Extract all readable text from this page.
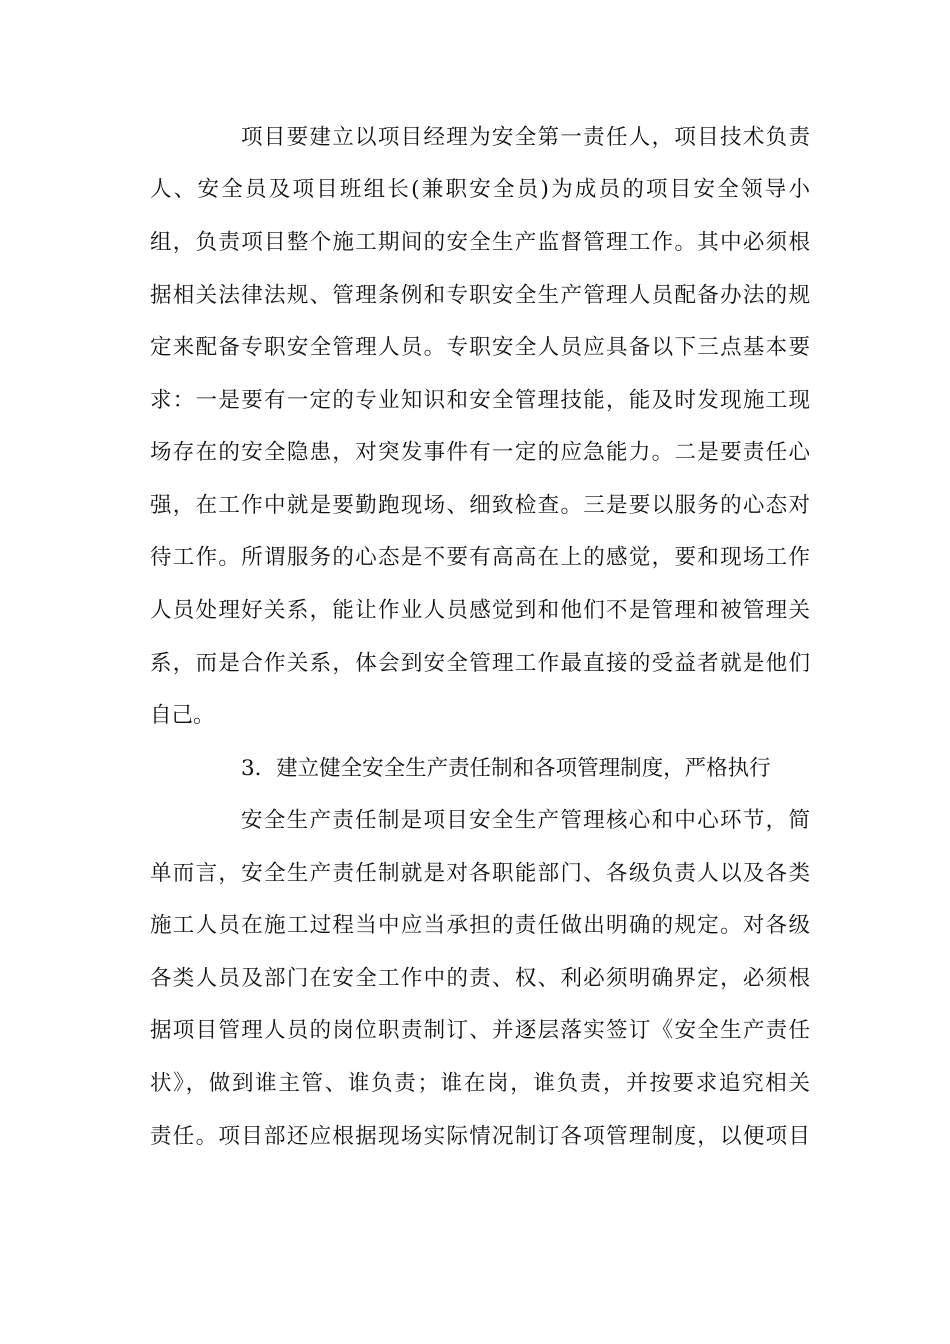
项目要建立以项目经理为安全第一责任人，项目技术负责
人、安全员及项目班组长(兼职安全员)为成员的项目安全领导小
组，负责项目整个施工期间的安全生产监督管理工作。其中必须根
据相关法律法规、管理条例和专职安全生产管理人员配备办法的规
定来配备专职安全管理人员。专职安全人员应具备以下三点基本要
求：一是要有一定的专业知识和安全管理技能，能及时发现施工现
场存在的安全隐患，对突发事件有一定的应急能力。二是要责任心
强，在工作中就是要勤跑现场、细致检查。三是要以服务的心态对
待工作。所谓服务的心态是不要有高高在上的感觉，要和现场工作
人员处理好关系，能让作业人员感觉到和他们不是管理和被管理关
系，而是合作关系，体会到安全管理工作最直接的受益者就是他们
自己。
3．建立健全安全生产责任制和各项管理制度，严格执行
安全生产责任制是项目安全生产管理核心和中心环节，简
单而言，安全生产责任制就是对各职能部门、各级负责人以及各类
施工人员在施工过程当中应当承担的责任做出明确的规定。对各级
各类人员及部门在安全工作中的责、权、利必须明确界定，必须根
据项目管理人员的岗位职责制订、并逐层落实签订《安全生产责任
状》，做到谁主管、谁负责；谁在岗，谁负责，并按要求追究相关
责任。项目部还应根据现场实际情况制订各项管理制度，以便项目
